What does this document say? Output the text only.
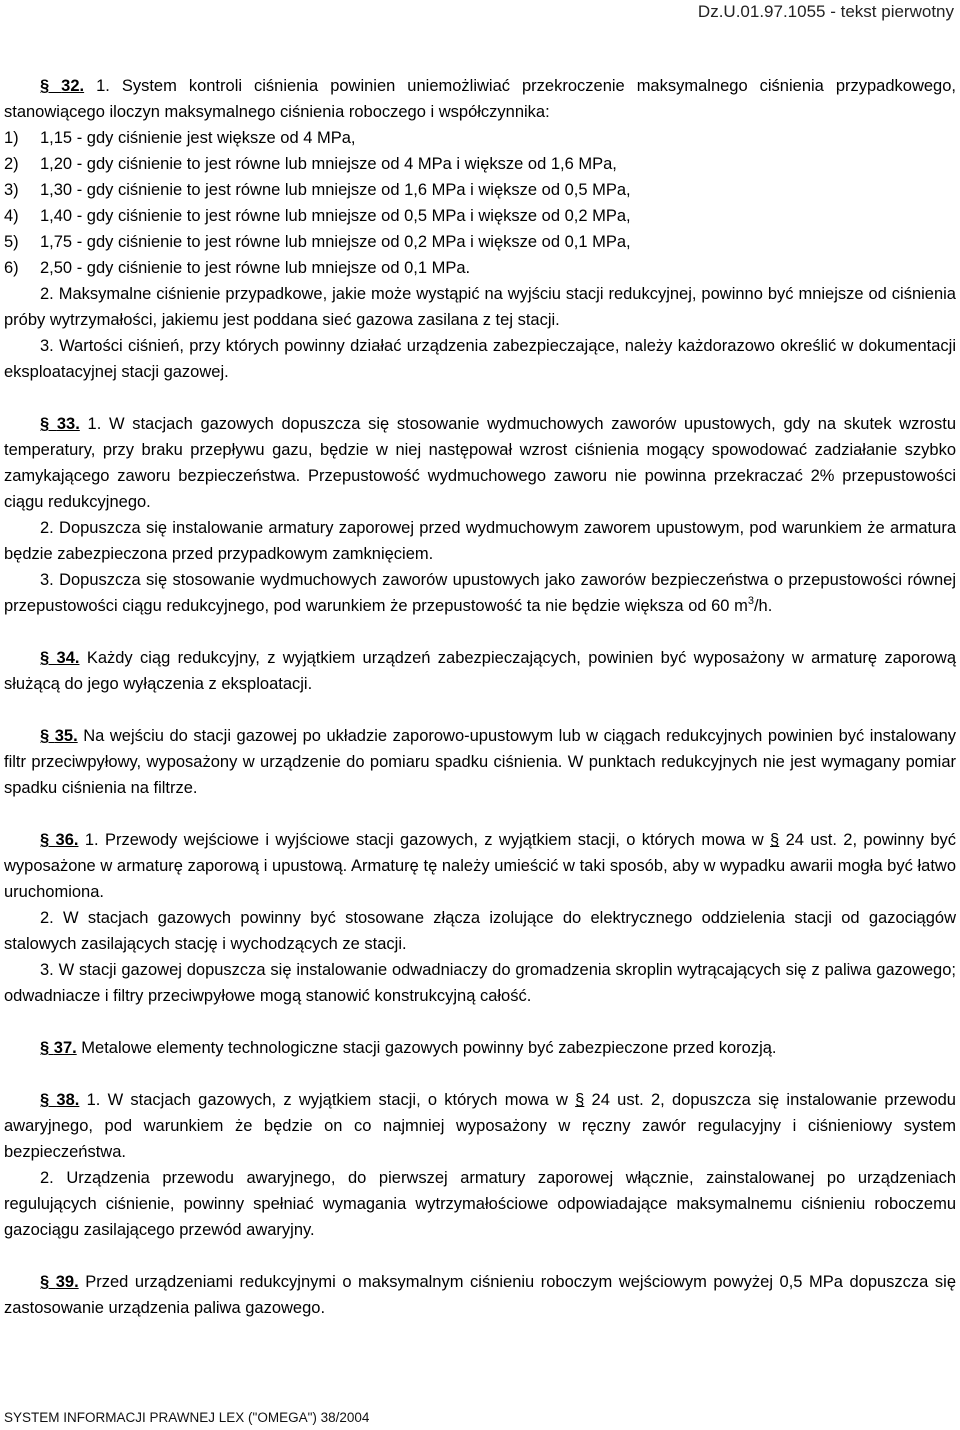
Dz.U.01.97.1055 - tekst pierwotny

§ 32. 1. System kontroli ciśnienia powinien uniemożliwiać przekroczenie maksymalnego ciśnienia przypadkowego, stanowiącego iloczyn maksymalnego ciśnienia roboczego i współczynnika:

1) 1,15 - gdy ciśnienie jest większe od 4 MPa,

2) 1,20 - gdy ciśnienie to jest równe lub mniejsze od 4 MPa i większe od 1,6 MPa,

3) 1,30 - gdy ciśnienie to jest równe lub mniejsze od 1,6 MPa i większe od 0,5 MPa,

4) 1,40 - gdy ciśnienie to jest równe lub mniejsze od 0,5 MPa i większe od 0,2 MPa,

5) 1,75 - gdy ciśnienie to jest równe lub mniejsze od 0,2 MPa i większe od 0,1 MPa,

6) 2,50 - gdy ciśnienie to jest równe lub mniejsze od 0,1 MPa.

2. Maksymalne ciśnienie przypadkowe, jakie może wystąpić na wyjściu stacji redukcyjnej, powinno być mniejsze od ciśnienia próby wytrzymałości, jakiemu jest poddana sieć gazowa zasilana z tej stacji.

3. Wartości ciśnień, przy których powinny działać urządzenia zabezpieczające, należy każdorazowo określić w dokumentacji eksploatacyjnej stacji gazowej.

§ 33. 1. W stacjach gazowych dopuszcza się stosowanie wydmuchowych zaworów upustowych, gdy na skutek wzrostu temperatury, przy braku przepływu gazu, będzie w niej następował wzrost ciśnienia mogący spowodować zadziałanie szybko zamykającego zaworu bezpieczeństwa. Przepustowość wydmuchowego zaworu nie powinna przekraczać 2% przepustowości ciągu redukcyjnego.

2. Dopuszcza się instalowanie armatury zaporowej przed wydmuchowym zaworem upustowym, pod warunkiem że armatura będzie zabezpieczona przed przypadkowym zamknięciem.

3. Dopuszcza się stosowanie wydmuchowych zaworów upustowych jako zaworów bezpieczeństwa o przepustowości równej przepustowości ciągu redukcyjnego, pod warunkiem że przepustowość ta nie będzie większa od 60 $m^3/h$.

§ 34. Każdy ciąg redukcyjny, z wyjątkiem urządzeń zabezpieczających, powinien być wyposażony w armaturę zaporową służącą do jego wyłączenia z eksploatacji.

§ 35. Na wejściu do stacji gazowej po układzie zaporowo-upustowym lub w ciągach redukcyjnych powinien być instalowany filtr przeciwpyłowy, wyposażony w urządzenie do pomiaru spadku ciśnienia. W punktach redukcyjnych nie jest wymagany pomiar spadku ciśnienia na filtrze.

§ 36. 1. Przewody wejściowe i wyjściowe stacji gazowych, z wyjątkiem stacji, o których mowa w § 24 ust. 2, powinny być wyposażone w armaturę zaporową i upustową. Armaturę tę należy umieścić w taki sposób, aby w wypadku awarii mogła być łatwo uruchomiona.

2. W stacjach gazowych powinny być stosowane złącza izolujące do elektrycznego oddzielenia stacji od gazociągów stalowych zasilających stację i wychodzących ze stacji.

3. W stacji gazowej dopuszcza się instalowanie odwadniaczy do gromadzenia skroplin wytrącających się z paliwa gazowego; odwadniacze i filtry przeciwpyłowe mogą stanowić konstrukcyjną całość.

§ 37. Metalowe elementy technologiczne stacji gazowych powinny być zabezpieczone przed korozją.

§ 38. 1. W stacjach gazowych, z wyjątkiem stacji, o których mowa w § 24 ust. 2, dopuszcza się instalowanie przewodu awaryjnego, pod warunkiem że będzie on co najmniej wyposażony w ręczny zawór regulacyjny i ciśnieniowy system bezpieczeństwa.

2. Urządzenia przewodu awaryjnego, do pierwszej armatury zaporowej włącznie, zainstalowanej po urządzeniach regulujących ciśnienie, powinny spełniać wymagania wytrzymałościowe odpowiadające maksymalnemu ciśnieniu roboczemu gazociągu zasilającego przewód awaryjny.

§ 39. Przed urządzeniami redukcyjnymi o maksymalnym ciśnieniu roboczym wejściowym powyżej 0,5 MPa dopuszcza się zastosowanie urządzenia paliwa gazowego.

SYSTEM INFORMACJI PRAWNEJ LEX ("OMEGA") 38/2004
